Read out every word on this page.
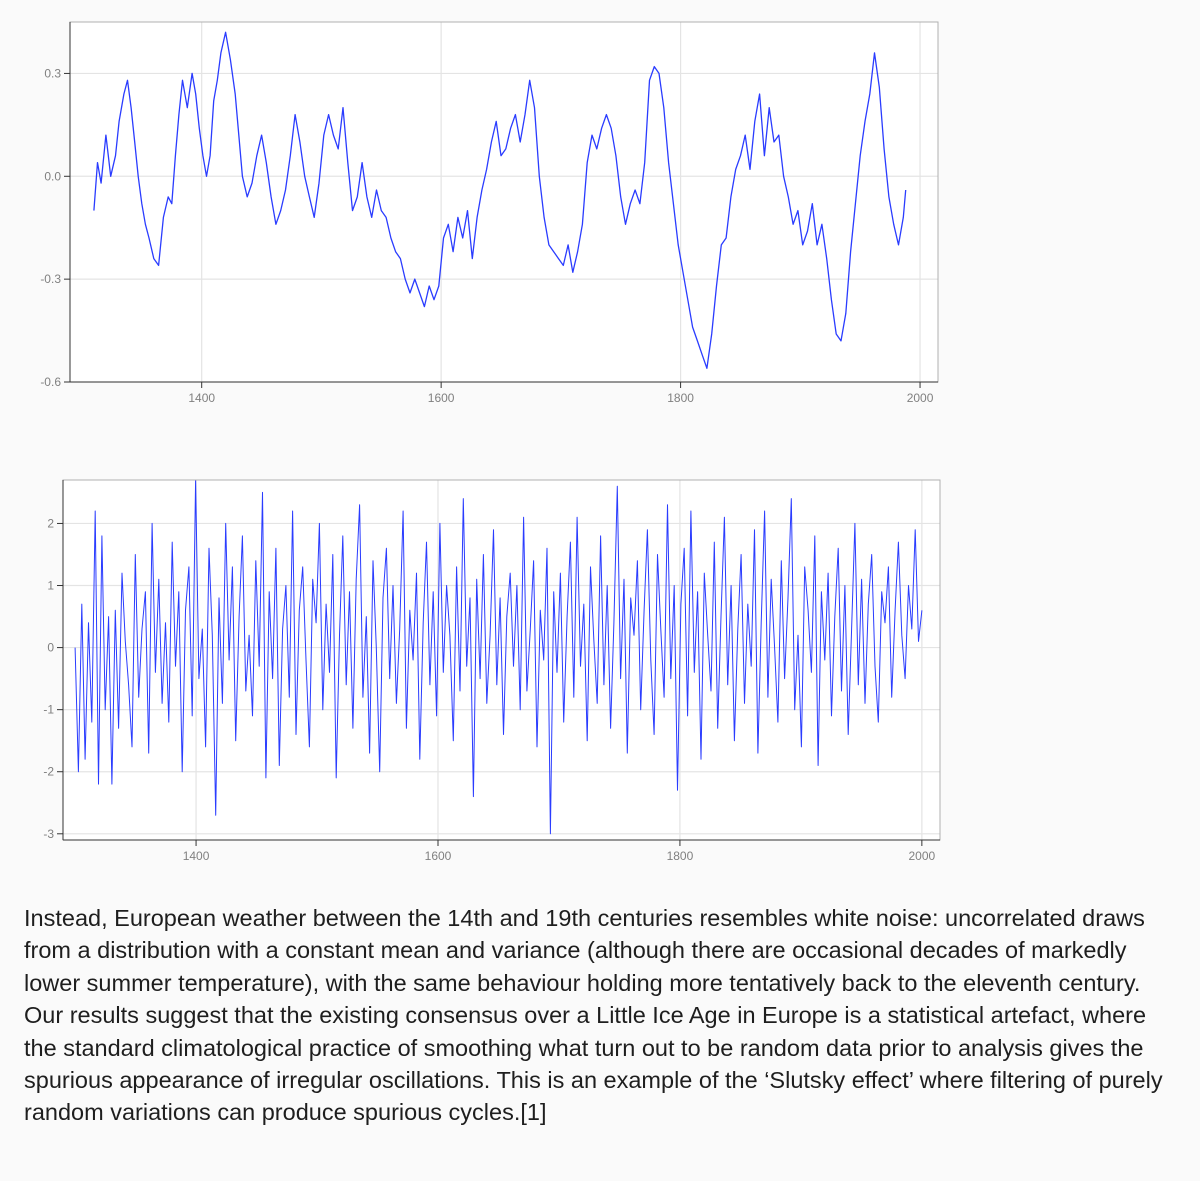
0.3
0.0
-0.3
-0.6
1400	1600	1800	2000
2
1
0
-1
-2
-3
1400	1600	1800	2000

Instead, European weather between the 14th and 19th centuries resembles white noise: uncorrelated draws from a distribution with a constant mean and variance (although there are occasional decades of markedly lower summer temperature), with the same behaviour holding more tentatively back to the eleventh century. Our results suggest that the existing consensus over a Little Ice Age in Europe is a statistical artefact, where the standard climatological practice of smoothing what turn out to be random data prior to analysis gives the spurious appearance of irregular oscillations. This is an example of the ‘Slutsky effect’ where filtering of purely random variations can produce spurious cycles.[1]
